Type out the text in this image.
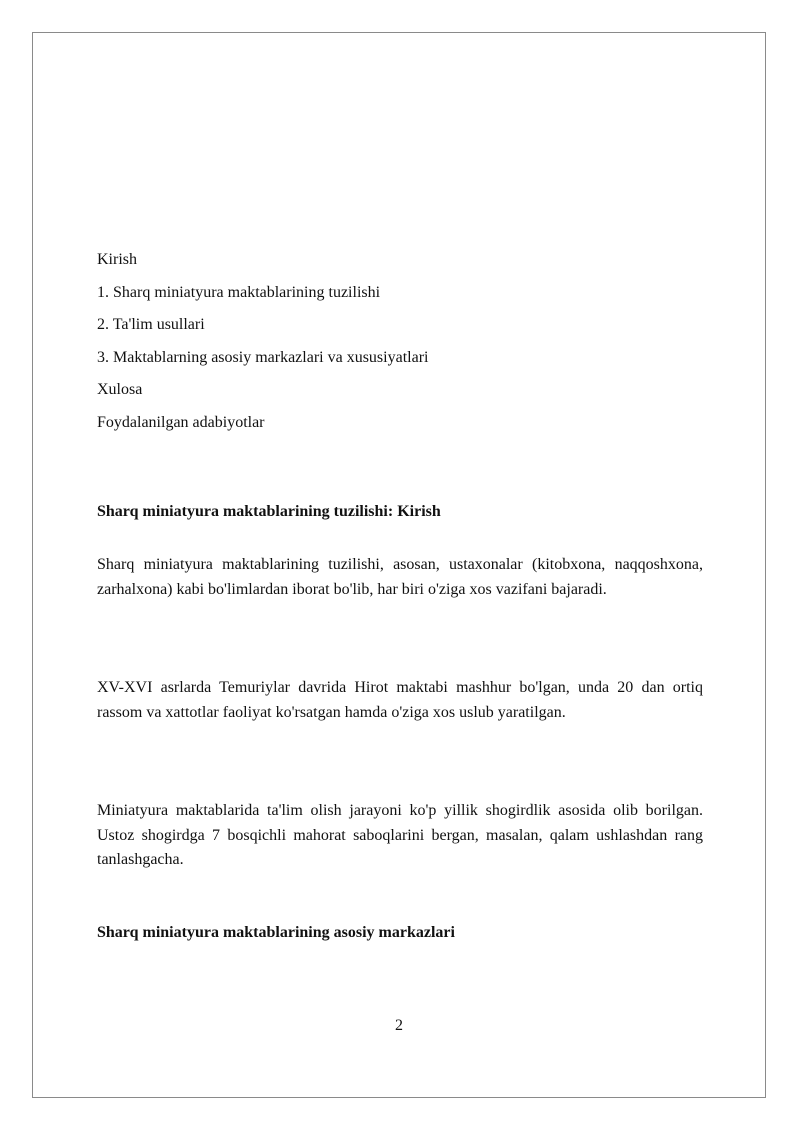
Kirish
1. Sharq miniatyura maktablarining tuzilishi
2. Ta'lim usullari
3. Maktablarning asosiy markazlari va xususiyatlari
Xulosa
Foydalanilgan adabiyotlar
Sharq miniatyura maktablarining tuzilishi: Kirish
Sharq miniatyura maktablarining tuzilishi, asosan, ustaxonalar (kitobxona, naqqoshxona, zarhalxona) kabi bo'limlardan iborat bo'lib, har biri o'ziga xos vazifani bajaradi.
XV-XVI asrlarda Temuriylar davrida Hirot maktabi mashhur bo'lgan, unda 20 dan ortiq rassom va xattotlar faoliyat ko'rsatgan hamda o'ziga xos uslub yaratilgan.
Miniatyura maktablarida ta'lim olish jarayoni ko'p yillik shogirdlik asosida olib borilgan. Ustoz shogirdga 7 bosqichli mahorat saboqlarini bergan, masalan, qalam ushlashdan rang tanlashgacha.
Sharq miniatyura maktablarining asosiy markazlari
2
